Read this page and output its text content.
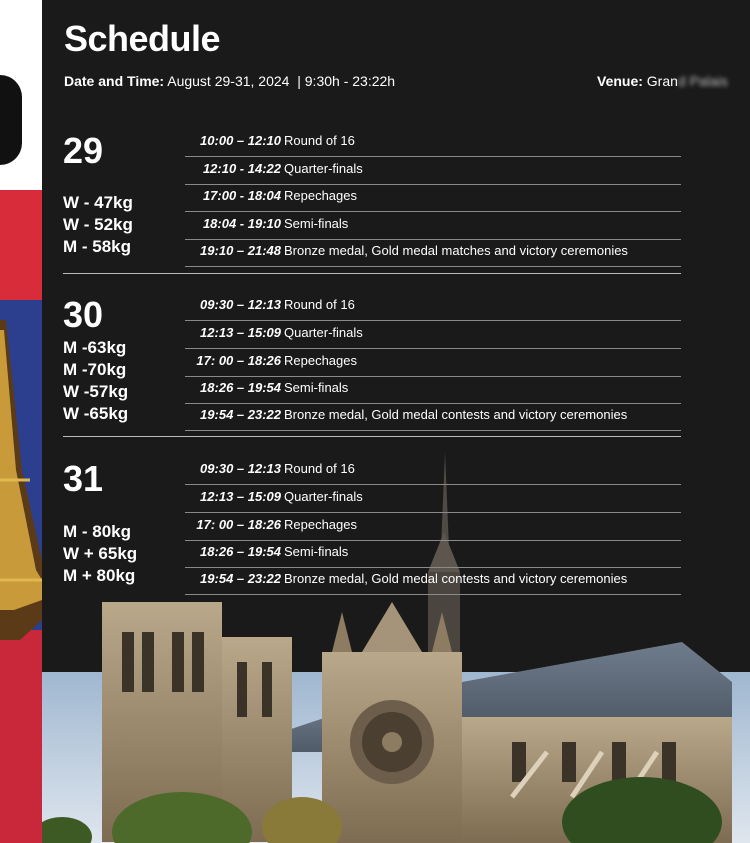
Schedule
Date and Time: August 29-31, 2024  | 9:30h - 23:22h	Venue: Grand Palais
29
W - 47kg
W - 52kg
M - 58kg
10:00 – 12:10 Round of 16
12:10 - 14:22 Quarter-finals
17:00 - 18:04 Repechages
18:04 - 19:10 Semi-finals
19:10 – 21:48 Bronze medal, Gold medal matches and victory ceremonies
30
M -63kg
M -70kg
W -57kg
W -65kg
09:30 – 12:13 Round of 16
12:13 – 15:09 Quarter-finals
17: 00 – 18:26 Repechages
18:26 – 19:54 Semi-finals
19:54 – 23:22 Bronze medal, Gold medal contests and victory ceremonies
31
M - 80kg
W + 65kg
M + 80kg
09:30 – 12:13 Round of 16
12:13 – 15:09 Quarter-finals
17: 00 – 18:26 Repechages
18:26 – 19:54 Semi-finals
19:54 – 23:22 Bronze medal, Gold medal contests and victory ceremonies
